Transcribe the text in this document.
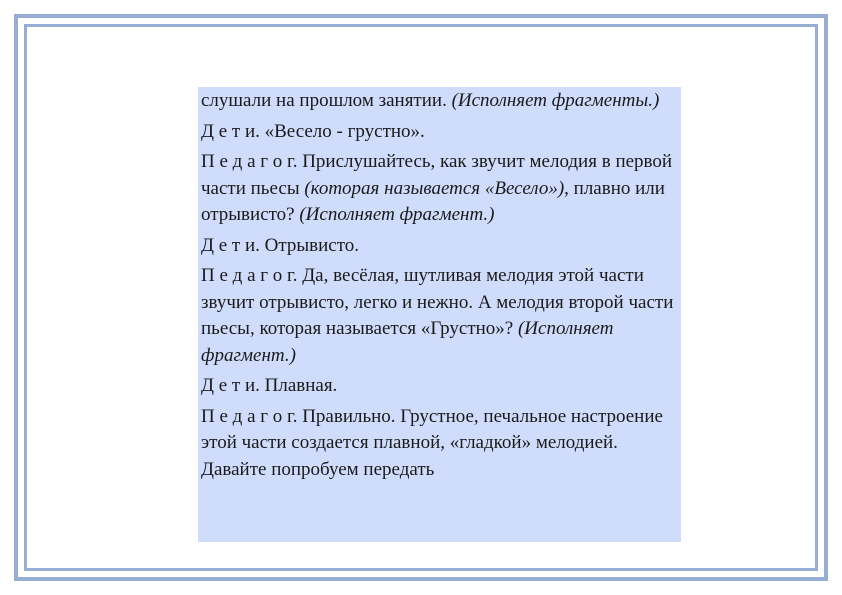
слушали на прошлом занятии. (Исполняет фрагменты.)

Д е т и. «Весело - грустно».

П е д а г о г. Прислушайтесь, как звучит мелодия в первой части пьесы (которая называется «Весело»), плавно или отрывисто? (Исполняет фрагмент.)

Д е т и. Отрывисто.

П е д а г о г. Да, весёлая, шутливая мелодия этой части звучит отрывисто, легко и нежно. А мелодия второй части пьесы, которая называется «Грустно»? (Исполняет фрагмент.)

Д е т и. Плавная.

П е д а г о г. Правильно. Грустное, печальное настроение этой части создается плавной, «гладкой» мелодией. Давайте попробуем передать
